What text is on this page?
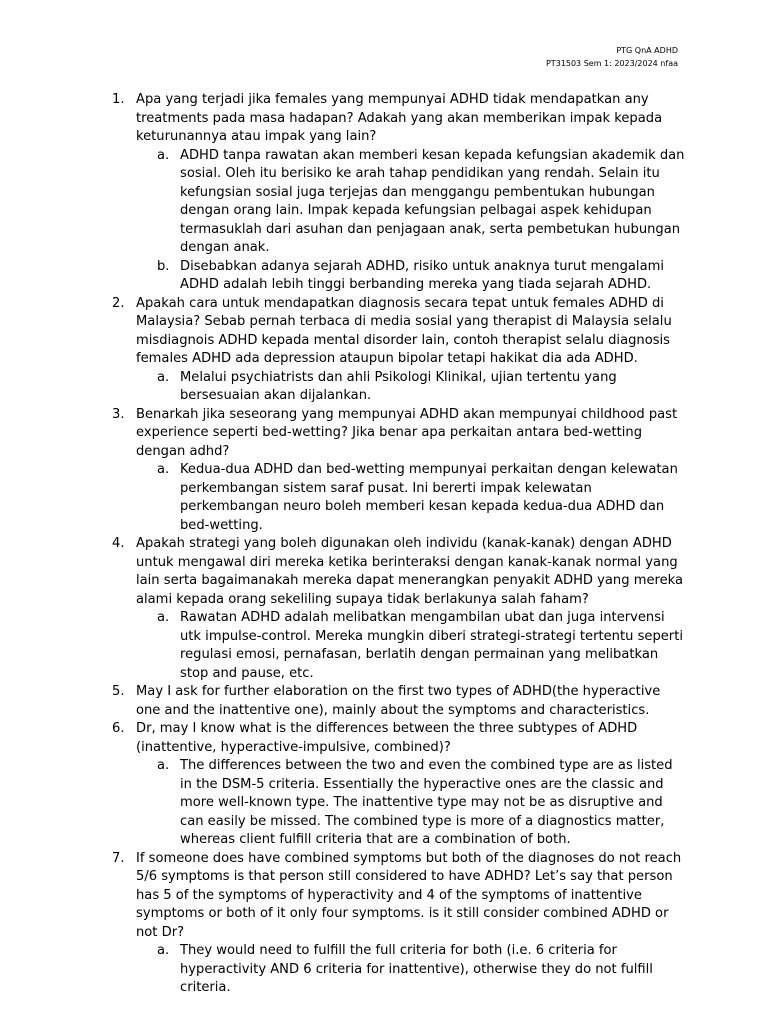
PTG QnA ADHD
PT31503 Sem 1: 2023/2024 nfaa
1. Apa yang terjadi jika females yang mempunyai ADHD tidak mendapatkan any treatments pada masa hadapan? Adakah yang akan memberikan impak kepada keturunannya atau impak yang lain?
a. ADHD tanpa rawatan akan memberi kesan kepada kefungsian akademik dan sosial. Oleh itu berisiko ke arah tahap pendidikan yang rendah. Selain itu kefungsian sosial juga terjejas dan menggangu pembentukan hubungan dengan orang lain. Impak kepada kefungsian pelbagai aspek kehidupan termasuklah dari asuhan dan penjagaan anak, serta pembetukan hubungan dengan anak.
b. Disebabkan adanya sejarah ADHD, risiko untuk anaknya turut mengalami ADHD adalah lebih tinggi berbanding mereka yang tiada sejarah ADHD.
2. Apakah cara untuk mendapatkan diagnosis secara tepat untuk females ADHD di Malaysia? Sebab pernah terbaca di media sosial yang therapist di Malaysia selalu misdiagnois ADHD kepada mental disorder lain, contoh therapist selalu diagnosis females ADHD ada depression ataupun bipolar tetapi hakikat dia ada ADHD.
a. Melalui psychiatrists dan ahli Psikologi Klinikal, ujian tertentu yang bersesuaian akan dijalankan.
3. Benarkah jika seseorang yang mempunyai ADHD akan mempunyai childhood past experience seperti bed-wetting? Jika benar apa perkaitan antara bed-wetting dengan adhd?
a. Kedua-dua ADHD dan bed-wetting mempunyai perkaitan dengan kelewatan perkembangan sistem saraf pusat. Ini bererti impak kelewatan perkembangan neuro boleh memberi kesan kepada kedua-dua ADHD dan bed-wetting.
4. Apakah strategi yang boleh digunakan oleh individu (kanak-kanak) dengan ADHD untuk mengawal diri mereka ketika berinteraksi dengan kanak-kanak normal yang lain serta bagaimanakah mereka dapat menerangkan penyakit ADHD yang mereka alami kepada orang sekeliling supaya tidak berlakunya salah faham?
a. Rawatan ADHD adalah melibatkan mengambilan ubat dan juga intervensi utk impulse-control. Mereka mungkin diberi strategi-strategi tertentu seperti regulasi emosi, pernafasan, berlatih dengan permainan yang melibatkan stop and pause, etc.
5. May I ask for further elaboration on the first two types of ADHD(the hyperactive one and the inattentive one), mainly about the symptoms and characteristics.
6. Dr, may I know what is the differences between the three subtypes of ADHD (inattentive, hyperactive-impulsive, combined)?
a. The differences between the two and even the combined type are as listed in the DSM-5 criteria. Essentially the hyperactive ones are the classic and more well-known type. The inattentive type may not be as disruptive and can easily be missed. The combined type is more of a diagnostics matter, whereas client fulfill criteria that are a combination of both.
7. If someone does have combined symptoms but both of the diagnoses do not reach 5/6 symptoms is that person still considered to have ADHD? Let’s say that person has 5 of the symptoms of hyperactivity and 4 of the symptoms of inattentive symptoms or both of it only four symptoms. is it still consider combined ADHD or not Dr?
a. They would need to fulfill the full criteria for both (i.e. 6 criteria for hyperactivity AND 6 criteria for inattentive), otherwise they do not fulfill criteria.
